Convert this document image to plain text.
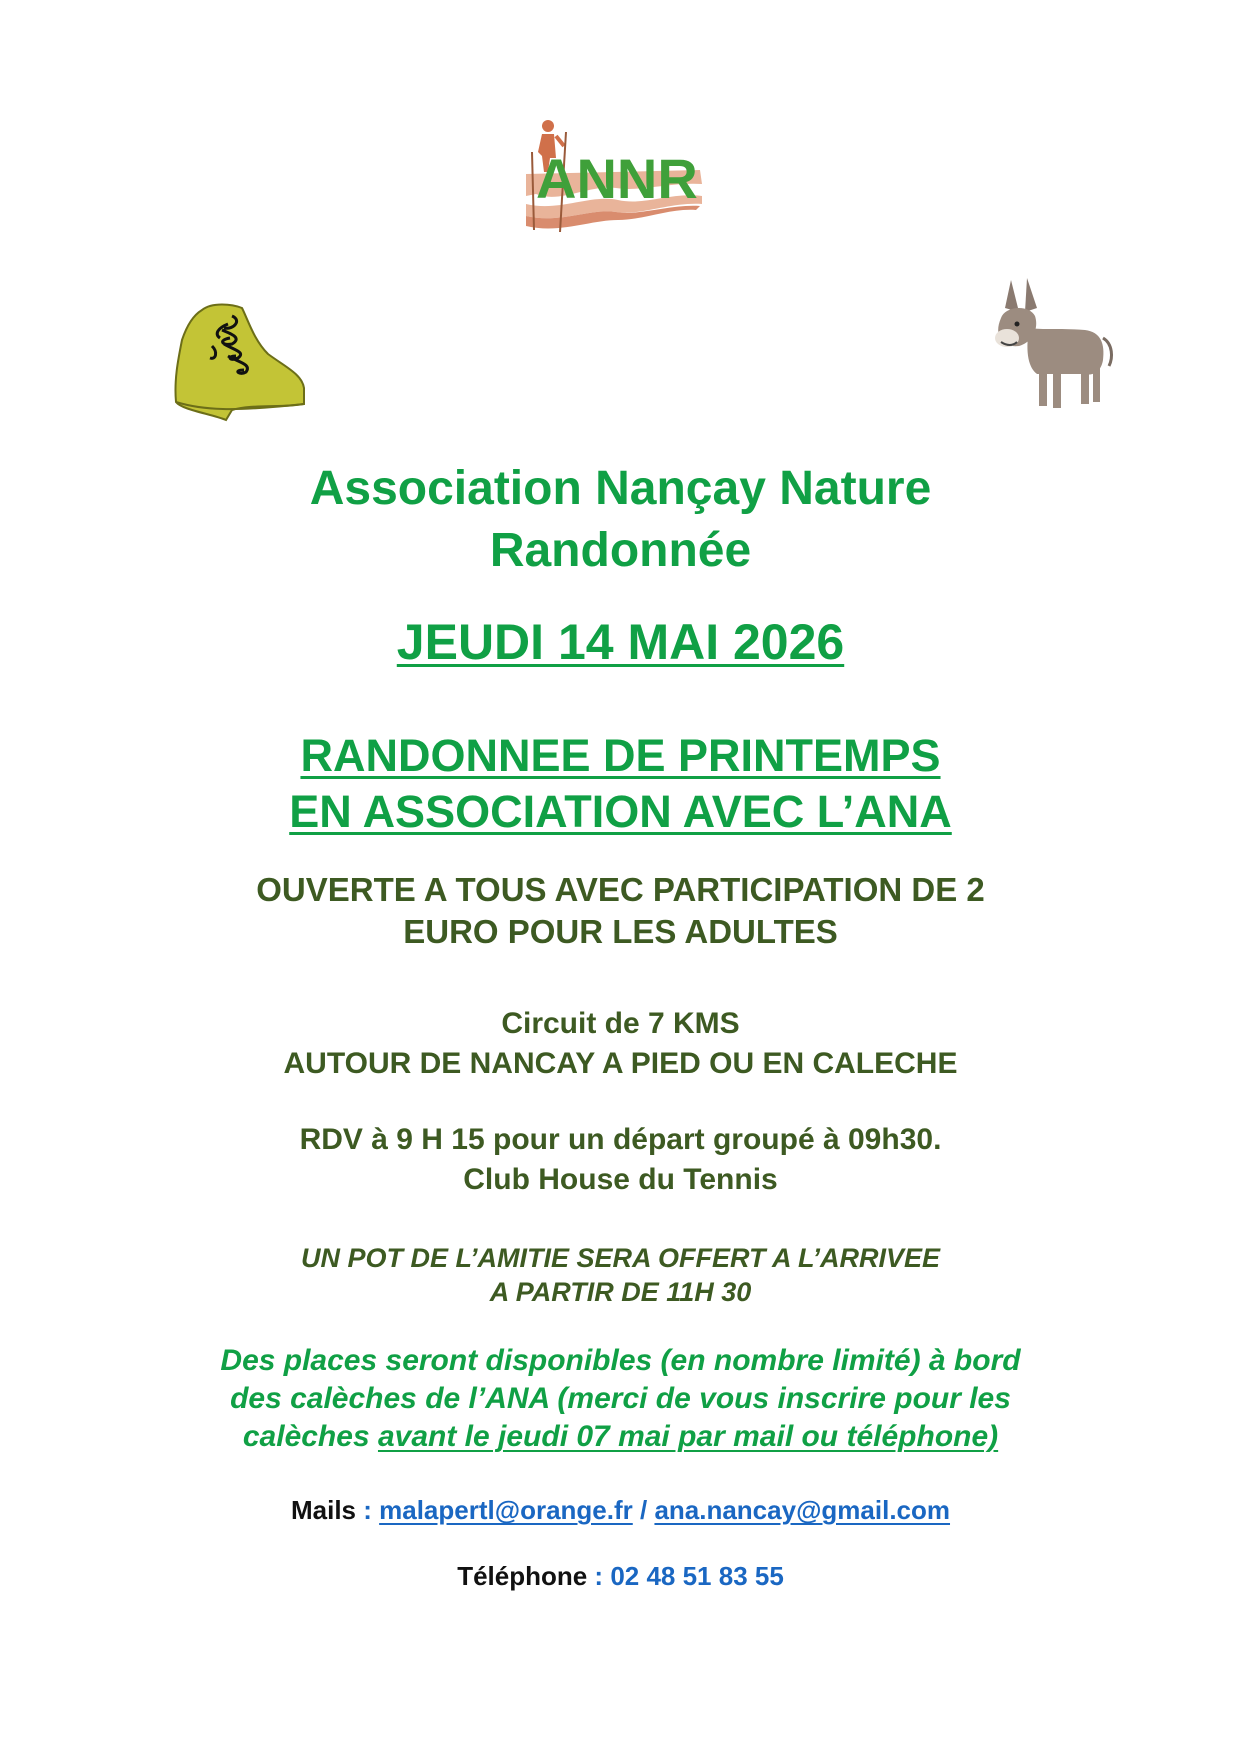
ANNR
Association Nançay Nature
Randonnée
JEUDI 14 MAI 2026
RANDONNEE DE PRINTEMPS
EN ASSOCIATION AVEC L’ANA
OUVERTE A TOUS AVEC PARTICIPATION DE 2
EURO POUR LES ADULTES
Circuit de 7 KMS
AUTOUR DE NANCAY A PIED OU EN CALECHE
RDV à 9 H 15 pour un départ groupé à 09h30.
Club House du Tennis
UN POT DE L’AMITIE SERA OFFERT A L’ARRIVEE
A PARTIR DE 11H 30
Des places seront disponibles (en nombre limité) à bord
des calèches de l’ANA (merci de vous inscrire pour les
calèches avant le jeudi 07 mai par mail ou téléphone)
Mails : malapertl@orange.fr / ana.nancay@gmail.com
Téléphone : 02 48 51 83 55
